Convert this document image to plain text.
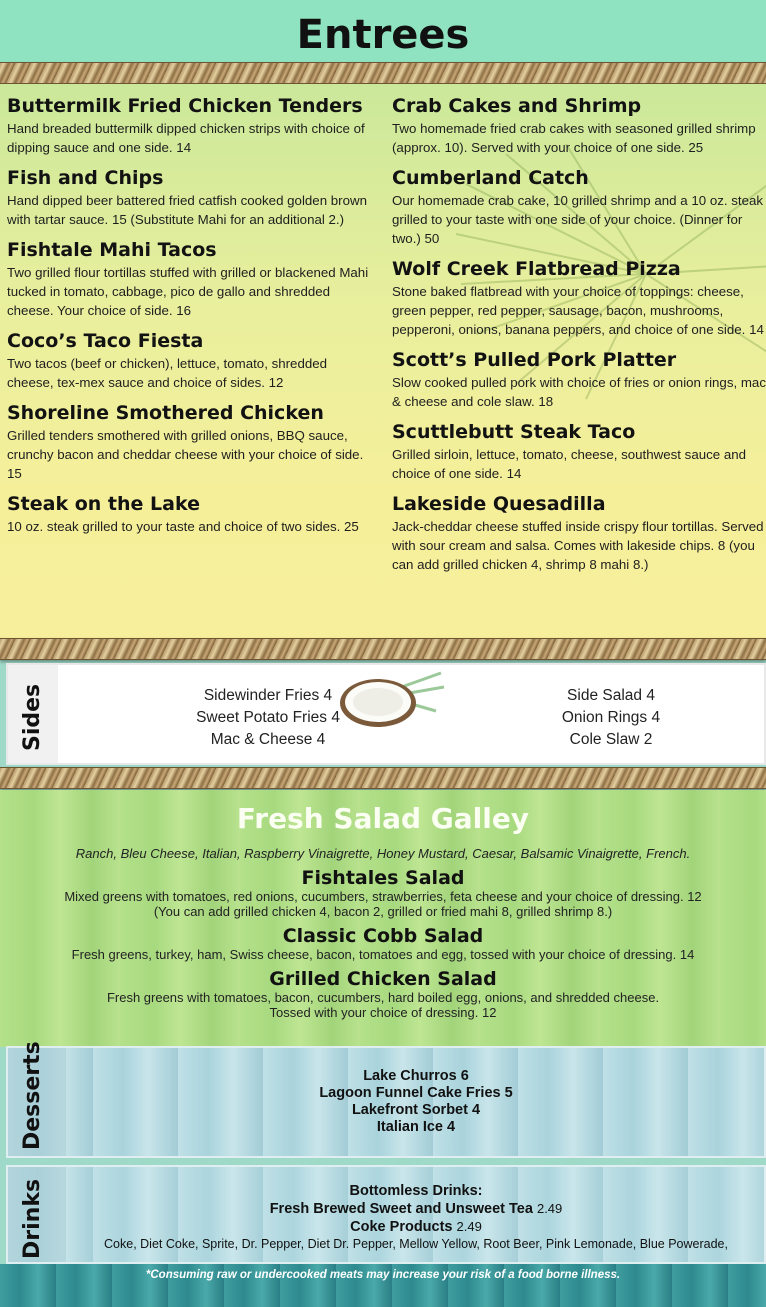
Entrees
Buttermilk Fried Chicken Tenders

Hand breaded buttermilk dipped chicken strips with choice of dipping sauce and one side. 14

Fish and Chips

Hand dipped beer battered fried catfish cooked golden brown with tartar sauce. 15 (Substitute Mahi for an additional 2.)

Fishtale Mahi Tacos

Two grilled flour tortillas stuffed with grilled or blackened Mahi tucked in tomato, cabbage, pico de gallo and shredded cheese. Your choice of side. 16

Coco’s Taco Fiesta

Two tacos (beef or chicken), lettuce, tomato, shredded cheese, tex-mex sauce and choice of sides. 12

Shoreline Smothered Chicken

Grilled tenders smothered with grilled onions, BBQ sauce, crunchy bacon and cheddar cheese with your choice of side. 15

Steak on the Lake

10 oz. steak grilled to your taste and choice of two sides. 25

Crab Cakes and Shrimp

Two homemade fried crab cakes with seasoned grilled shrimp (approx. 10). Served with your choice of one side. 25

Cumberland Catch

Our homemade crab cake, 10 grilled shrimp and a 10 oz. steak grilled to your taste with one side of your choice. (Dinner for two.) 50

Wolf Creek Flatbread Pizza

Stone baked flatbread with your choice of toppings: cheese, green pepper, red pepper, sausage, bacon, mushrooms, pepperoni, onions, banana peppers, and choice of one side. 14

Scott’s Pulled Pork Platter

Slow cooked pulled pork with choice of fries or onion rings, mac & cheese and cole slaw. 18

Scuttlebutt Steak Taco

Grilled sirloin, lettuce, tomato, cheese, southwest sauce and choice of one side. 14

Lakeside Quesadilla

Jack-cheddar cheese stuffed inside crispy flour tortillas. Served with sour cream and salsa. Comes with lakeside chips. 8 (you can add grilled chicken 4, shrimp 8 mahi 8.)

Sides	Sidewinder Fries 4
Sweet Potato Fries 4
Mac & Cheese 4
Side Salad 4
Onion Rings 4
Cole Slaw 2
Fresh Salad Galley
Ranch, Bleu Cheese, Italian, Raspberry Vinaigrette, Honey Mustard, Caesar, Balsamic Vinaigrette, French.
Fishtales Salad

Mixed greens with tomatoes, red onions, cucumbers, strawberries, feta cheese and your choice of dressing. 12

(You can add grilled chicken 4, bacon 2, grilled or fried mahi 8, grilled shrimp 8.)

Classic Cobb Salad

Fresh greens, turkey, ham, Swiss cheese, bacon, tomatoes and egg, tossed with your choice of dressing. 14

Grilled Chicken Salad

Fresh greens with tomatoes, bacon, cucumbers, hard boiled egg, onions, and shredded cheese.

Tossed with your choice of dressing. 12

Desserts	Lake Churros 6
Lagoon Funnel Cake Fries 5
Lakefront Sorbet 4
Italian Ice 4
Drinks	Bottomless Drinks:
Fresh Brewed Sweet and Unsweet Tea 2.49
Coke Products 2.49
Coke, Diet Coke, Sprite, Dr. Pepper, Diet Dr. Pepper, Mellow Yellow, Root Beer, Pink Lemonade, Blue Powerade,
*Consuming raw or undercooked meats may increase your risk of a food borne illness.
